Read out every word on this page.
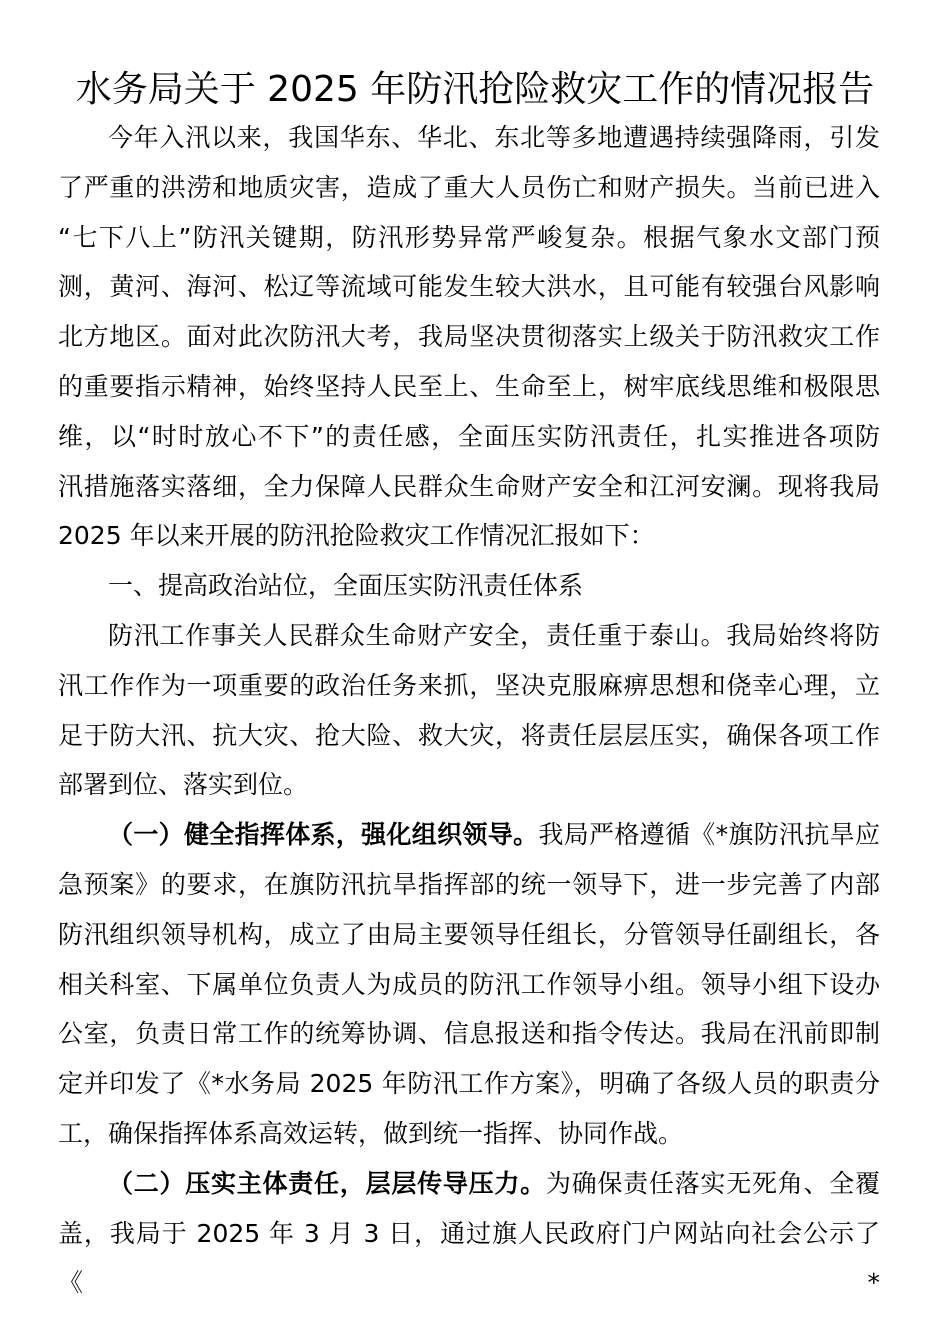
水务局关于 2025 年防汛抢险救灾工作的情况报告
今年入汛以来，我国华东、华北、东北等多地遭遇持续强降雨，引发
了严重的洪涝和地质灾害，造成了重大人员伤亡和财产损失。当前已进入
“七下八上”防汛关键期，防汛形势异常严峻复杂。根据气象水文部门预
测，黄河、海河、松辽等流域可能发生较大洪水，且可能有较强台风影响
北方地区。面对此次防汛大考，我局坚决贯彻落实上级关于防汛救灾工作
的重要指示精神，始终坚持人民至上、生命至上，树牢底线思维和极限思
维，以“时时放心不下”的责任感，全面压实防汛责任，扎实推进各项防
汛措施落实落细，全力保障人民群众生命财产安全和江河安澜。现将我局
2025 年以来开展的防汛抢险救灾工作情况汇报如下：
一、提高政治站位，全面压实防汛责任体系
防汛工作事关人民群众生命财产安全，责任重于泰山。我局始终将防
汛工作作为一项重要的政治任务来抓，坚决克服麻痹思想和侥幸心理，立
足于防大汛、抗大灾、抢大险、救大灾，将责任层层压实，确保各项工作
部署到位、落实到位。
（一）健全指挥体系，强化组织领导。我局严格遵循《*旗防汛抗旱应
急预案》的要求，在旗防汛抗旱指挥部的统一领导下，进一步完善了内部
防汛组织领导机构，成立了由局主要领导任组长，分管领导任副组长，各
相关科室、下属单位负责人为成员的防汛工作领导小组。领导小组下设办
公室，负责日常工作的统筹协调、信息报送和指令传达。我局在汛前即制
定并印发了《*水务局 2025 年防汛工作方案》，明确了各级人员的职责分
工，确保指挥体系高效运转，做到统一指挥、协同作战。
（二）压实主体责任，层层传导压力。为确保责任落实无死角、全覆
盖，我局于 2025 年 3 月 3 日，通过旗人民政府门户网站向社会公示了《*
